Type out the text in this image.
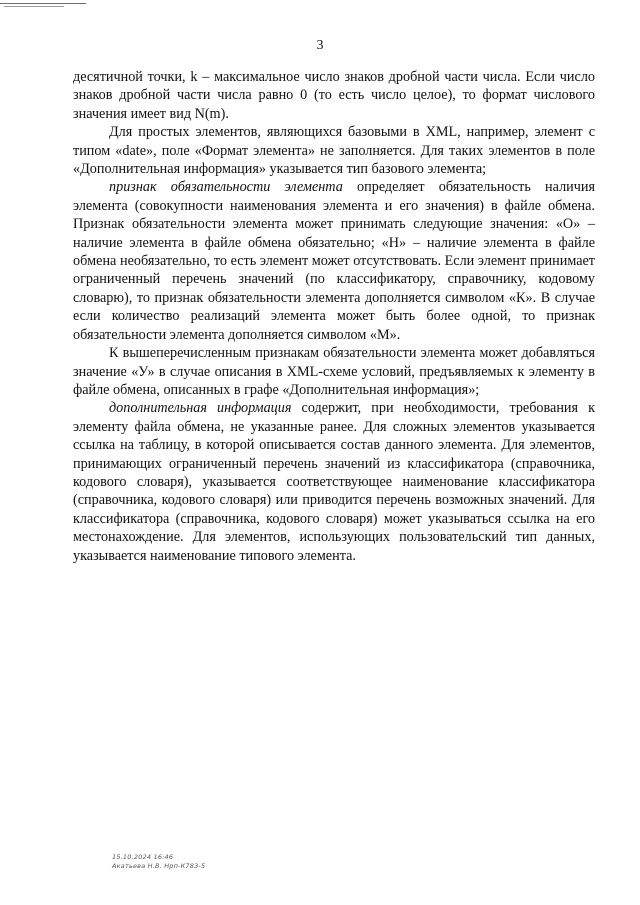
3

десятичной точки, k – максимальное число знаков дробной части числа. Если число знаков дробной части числа равно 0 (то есть число целое), то формат числового значения имеет вид N(m).

Для простых элементов, являющихся базовыми в XML, например, элемент с типом «date», поле «Формат элемента» не заполняется. Для таких элементов в поле «Дополнительная информация» указывается тип базового элемента;

признак обязательности элемента определяет обязательность наличия элемента (совокупности наименования элемента и его значения) в файле обмена. Признак обязательности элемента может принимать следующие значения: «О» – наличие элемента в файле обмена обязательно; «Н» – наличие элемента в файле обмена необязательно, то есть элемент может отсутствовать. Если элемент принимает ограниченный перечень значений (по классификатору, справочнику, кодовому словарю), то признак обязательности элемента дополняется символом «К». В случае если количество реализаций элемента может быть более одной, то признак обязательности элемента дополняется символом «М».

К вышеперечисленным признакам обязательности элемента может добавляться значение «У» в случае описания в XML-схеме условий, предъявляемых к элементу в файле обмена, описанных в графе «Дополнительная информация»;

дополнительная информация содержит, при необходимости, требования к элементу файла обмена, не указанные ранее. Для сложных элементов указывается ссылка на таблицу, в которой описывается состав данного элемента. Для элементов, принимающих ограниченный перечень значений из классификатора (справочника, кодового словаря), указывается соответствующее наименование классификатора (справочника, кодового словаря) или приводится перечень возможных значений. Для классификатора (справочника, кодового словаря) может указываться ссылка на его местонахождение. Для элементов, использующих пользовательский тип данных, указывается наименование типового элемента.

15.10.2024 16:46
Акатьева Н.В. Нрп-К783-5
